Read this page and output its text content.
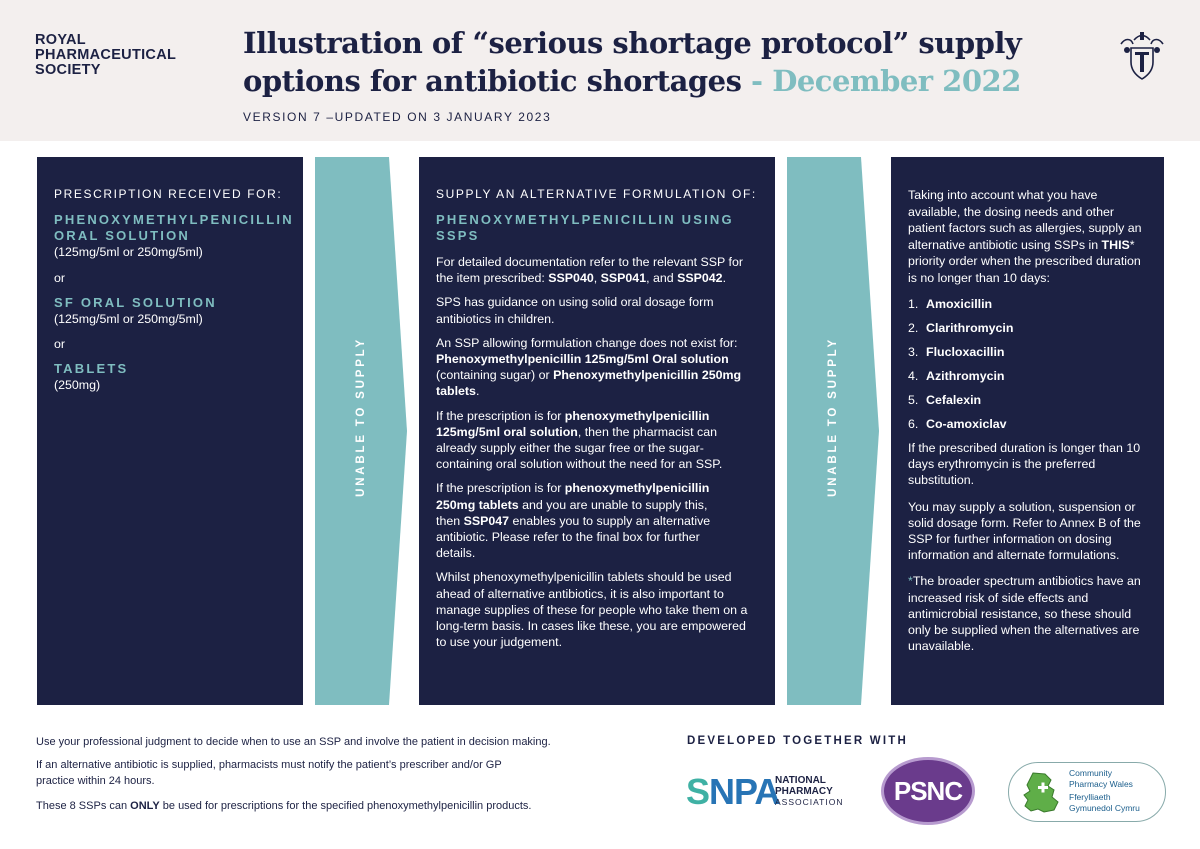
ROYAL
PHARMACEUTICAL
SOCIETY
Illustration of “serious shortage protocol” supply options for antibiotic shortages - December 2022
VERSION 7 –UPDATED ON 3 JANUARY 2023
PRESCRIPTION RECEIVED FOR:
PHENOXYMETHYLPENICILLIN ORAL SOLUTION
(125mg/5ml or 250mg/5ml)
or
SF ORAL SOLUTION
(125mg/5ml or 250mg/5ml)
or
TABLETS
(250mg)	UNABLE TO SUPPLY
SUPPLY AN ALTERNATIVE FORMULATION OF:
PHENOXYMETHYLPENICILLIN USING SSPS
For detailed documentation refer to the relevant SSP for the item prescribed: SSP040, SSP041, and SSP042.
SPS has guidance on using solid oral dosage form antibiotics in children.
An SSP allowing formulation change does not exist for: Phenoxymethylpenicillin 125mg/5ml Oral solution (containing sugar) or Phenoxymethylpenicillin 250mg tablets.
If the prescription is for phenoxymethylpenicillin 125mg/5ml oral solution, then the pharmacist can already supply either the sugar free or the sugar-containing oral solution without the need for an SSP.
If the prescription is for phenoxymethylpenicillin 250mg tablets and you are unable to supply this, then SSP047 enables you to supply an alternative antibiotic. Please refer to the final box for further details.
Whilst phenoxymethylpenicillin tablets should be used ahead of alternative antibiotics, it is also important to manage supplies of these for people who take them on a long-term basis. In cases like these, you are empowered to use your judgement.
UNABLE TO SUPPLY
Taking into account what you have available, the dosing needs and other patient factors such as allergies, supply an alternative antibiotic using SSPs in THIS* priority order when the prescribed duration is no longer than 10 days:
1. Amoxicillin
2. Clarithromycin
3. Flucloxacillin
4. Azithromycin
5. Cefalexin
6. Co-amoxiclav
If the prescribed duration is longer than 10 days erythromycin is the preferred substitution.
You may supply a solution, suspension or solid dosage form. Refer to Annex B of the SSP for further information on dosing information and alternate formulations.
*The broader spectrum antibiotics have an increased risk of side effects and antimicrobial resistance, so these should only be supplied when the alternatives are unavailable.
Use your professional judgment to decide when to use an SSP and involve the patient in decision making.
If an alternative antibiotic is supplied, pharmacists must notify the patient’s prescriber and/or GP practice within 24 hours.
These 8 SSPs can ONLY be used for prescriptions for the specified phenoxymethylpenicillin products.
DEVELOPED TOGETHER WITH
SNPA
NATIONAL
PHARMACY
ASSOCIATION PSNC
Community
Pharmacy Wales
Fferylliaeth
Gymunedol Cymru
